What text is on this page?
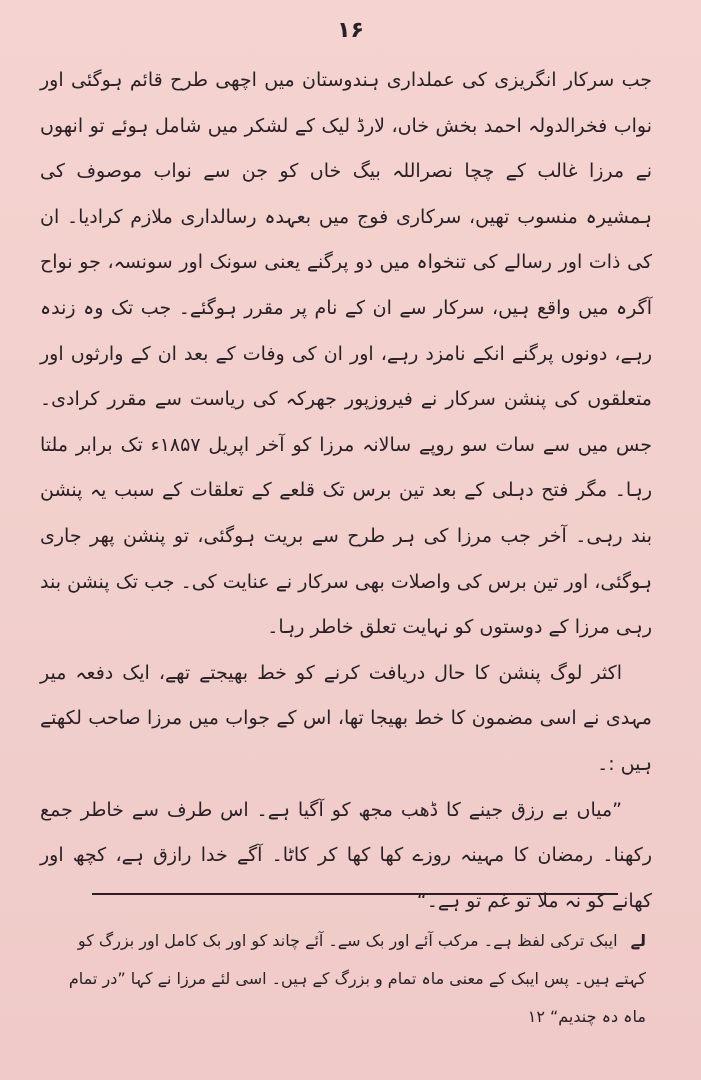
۱۶

جب سرکار انگریزی کی عملداری ہندوستان میں اچھی طرح قائم ہوگئی اور نواب فخرالدولہ احمد بخش خاں، لارڈ لیک کے لشکر میں شامل ہوئے تو انھوں نے مرزا غالب کے چچا نصراللہ بیگ خاں کو جن سے نواب موصوف کی ہمشیرہ منسوب تھیں، سرکاری فوج میں بعہدہ رسالداری ملازم کرادیا۔ ان کی ذات اور رسالے کی تنخواہ میں دو پرگنے یعنی سونک اور سونسہ، جو نواح آگرہ میں واقع ہیں، سرکار سے ان کے نام پر مقرر ہوگئے۔ جب تک وہ زندہ رہے، دونوں پرگنے انکے نامزد رہے، اور ان کی وفات کے بعد ان کے وارثوں اور متعلقوں کی پنشن سرکار نے فیروزپور جھرکہ کی ریاست سے مقرر کرادی۔ جس میں سے سات سو روپے سالانہ مرزا کو آخر اپریل ۱۸۵۷ء تک برابر ملتا رہا۔ مگر فتح دہلی کے بعد تین برس تک قلعے کے تعلقات کے سبب یہ پنشن بند رہی۔ آخر جب مرزا کی ہر طرح سے بریت ہوگئی، تو پنشن پھر جاری ہوگئی، اور تین برس کی واصلات بھی سرکار نے عنایت کی۔ جب تک پنشن بند رہی مرزا کے دوستوں کو نہایت تعلق خاطر رہا۔

اکثر لوگ پنشن کا حال دریافت کرنے کو خط بھیجتے تھے، ایک دفعہ میر مہدی نے اسی مضمون کا خط بھیجا تھا، اس کے جواب میں مرزا صاحب لکھتے ہیں :۔

”میاں بے رزق جینے کا ڈھب مجھ کو آگیا ہے۔ اس طرف سے خاطر جمع رکھنا۔ رمضان کا مہینہ روزے کھا کھا کر کاٹا۔ آگے خدا رازق ہے، کچھ اور کھانے کو نہ ملا تو غم تو ہے۔“

لے ایبک ترکی لفظ ہے۔ مرکب آئے اور بک سے۔ آئے چاند کو اور بک کامل اور بزرگ کو کہتے ہیں۔ پس ایبک کے معنی ماہ تمام و بزرگ کے ہیں۔ اسی لئے مرزا نے کہا ”در تمام ماہ دہ چندیم“ ۱۲
